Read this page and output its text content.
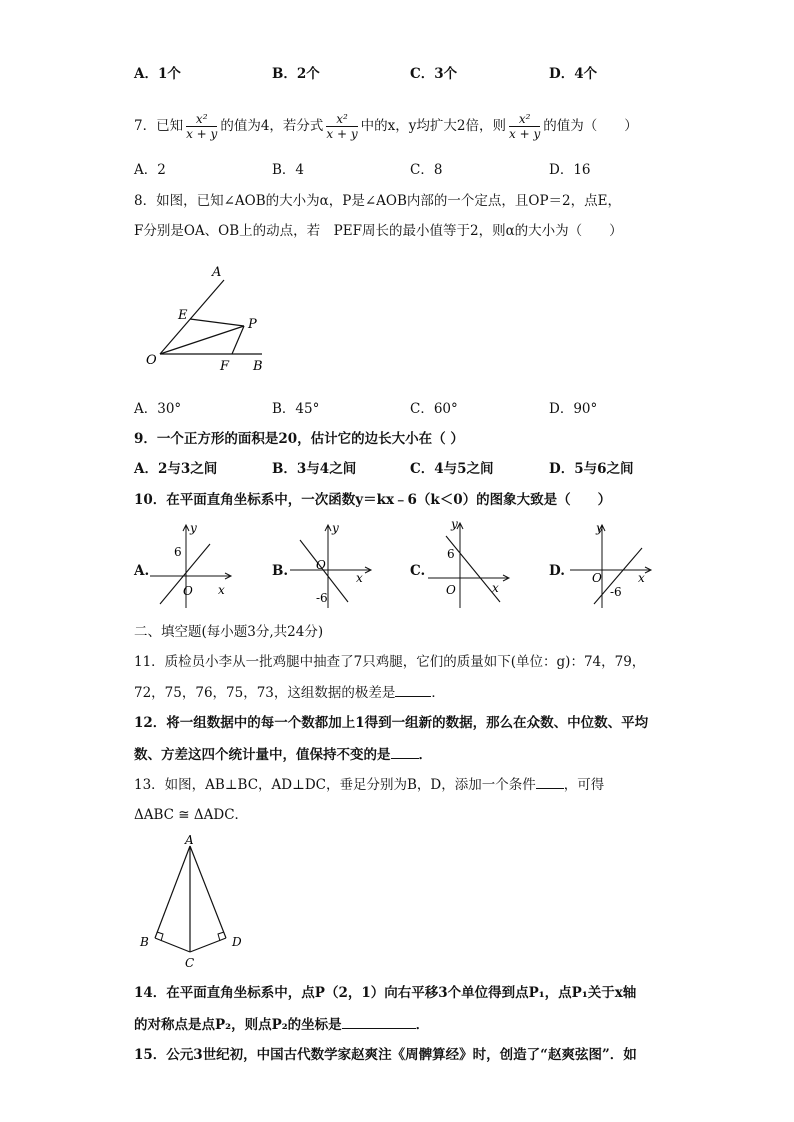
A．1个	B．2个	C．3个	D．4个
7．已知 $\frac{\text{x²}}{x + y}$ 的值为4，若分式 $\frac{\text{x²}}{x + y}$ 中的x，y均扩大2倍，则 $\frac{\text{x²}}{x + y}$ 的值为（　　）
A．2	B．4	C．8	D．16
8．如图，已知∠AOB的大小为α，P是∠AOB内部的一个定点，且OP＝2，点E，
F分别是OA、OB上的动点，若　PEF周长的最小值等于2，则α的大小为（　　）
A
E
P
O	F B
A．30°	B．45°	C．60°	D．90°
9．一个正方形的面积是20，估计它的边长大小在（ ）
A．2与3之间	B．3与4之间	C．4与5之间	D．5与6之间
10．在平面直角坐标系中，一次函数y＝kx﹣6（k＜0）的图象大致是（　　）
A.
y
6
O x
B.
y
O
x
-6
C.
y
6
O	x
D.
y
O	x
-6
二、填空题(每小题3分,共24分)
11．质检员小李从一批鸡腿中抽查了7只鸡腿，它们的质量如下(单位：g)：74，79，
72，75，76，75，73，这组数据的极差是	．
12．将一组数据中的每一个数都加上1得到一组新的数据，那么在众数、中位数、平均
数、方差这四个统计量中，值保持不变的是 ．
13．如图，AB⊥BC，AD⊥DC，垂足分别为B，D，添加一个条件 ，可得
ΔABC ≅ ΔADC．
A
B
C
D
14．在平面直角坐标系中，点P（2，1）向右平移3个单位得到点P₁，点P₁关于x轴
的对称点是点P₂，则点P₂的坐标是	．
15．公元3世纪初，中国古代数学家赵爽注《周髀算经》时，创造了“赵爽弦图”．如
